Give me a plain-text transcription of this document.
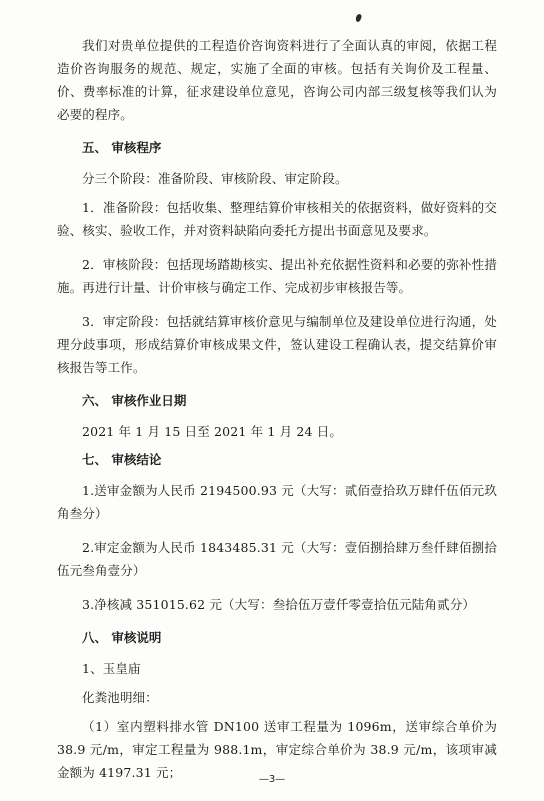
我们对贵单位提供的工程造价咨询资料进行了全面认真的审阅，依据工程造价咨询服务的规范、规定，实施了全面的审核。包括有关询价及工程量、价、费率标准的计算，征求建设单位意见，咨询公司内部三级复核等我们认为必要的程序。

五、 审核程序

分三个阶段：准备阶段、审核阶段、审定阶段。

1．准备阶段：包括收集、整理结算价审核相关的依据资料，做好资料的交验、核实、验收工作，并对资料缺陷向委托方提出书面意见及要求。

2．审核阶段：包括现场踏勘核实、提出补充依据性资料和必要的弥补性措施。再进行计量、计价审核与确定工作、完成初步审核报告等。

3．审定阶段：包括就结算审核价意见与编制单位及建设单位进行沟通，处理分歧事项，形成结算价审核成果文件，签认建设工程确认表，提交结算价审核报告等工作。

六、 审核作业日期

2021 年 1 月 15 日至 2021 年 1 月 24 日。

七、 审核结论

1.送审金额为人民币 2194500.93 元（大写：贰佰壹拾玖万肆仟伍佰元玖角叁分）

2.审定金额为人民币 1843485.31 元（大写：壹佰捌拾肆万叁仟肆佰捌拾伍元叁角壹分）

3.净核减 351015.62 元（大写：叁拾伍万壹仟零壹拾伍元陆角贰分）

八、 审核说明

1、玉皇庙

化粪池明细：

（1）室内塑料排水管 DN100 送审工程量为 1096m，送审综合单价为 38.9 元/m，审定工程量为 988.1m，审定综合单价为 38.9 元/m，该项审减金额为 4197.31 元；	—3—
